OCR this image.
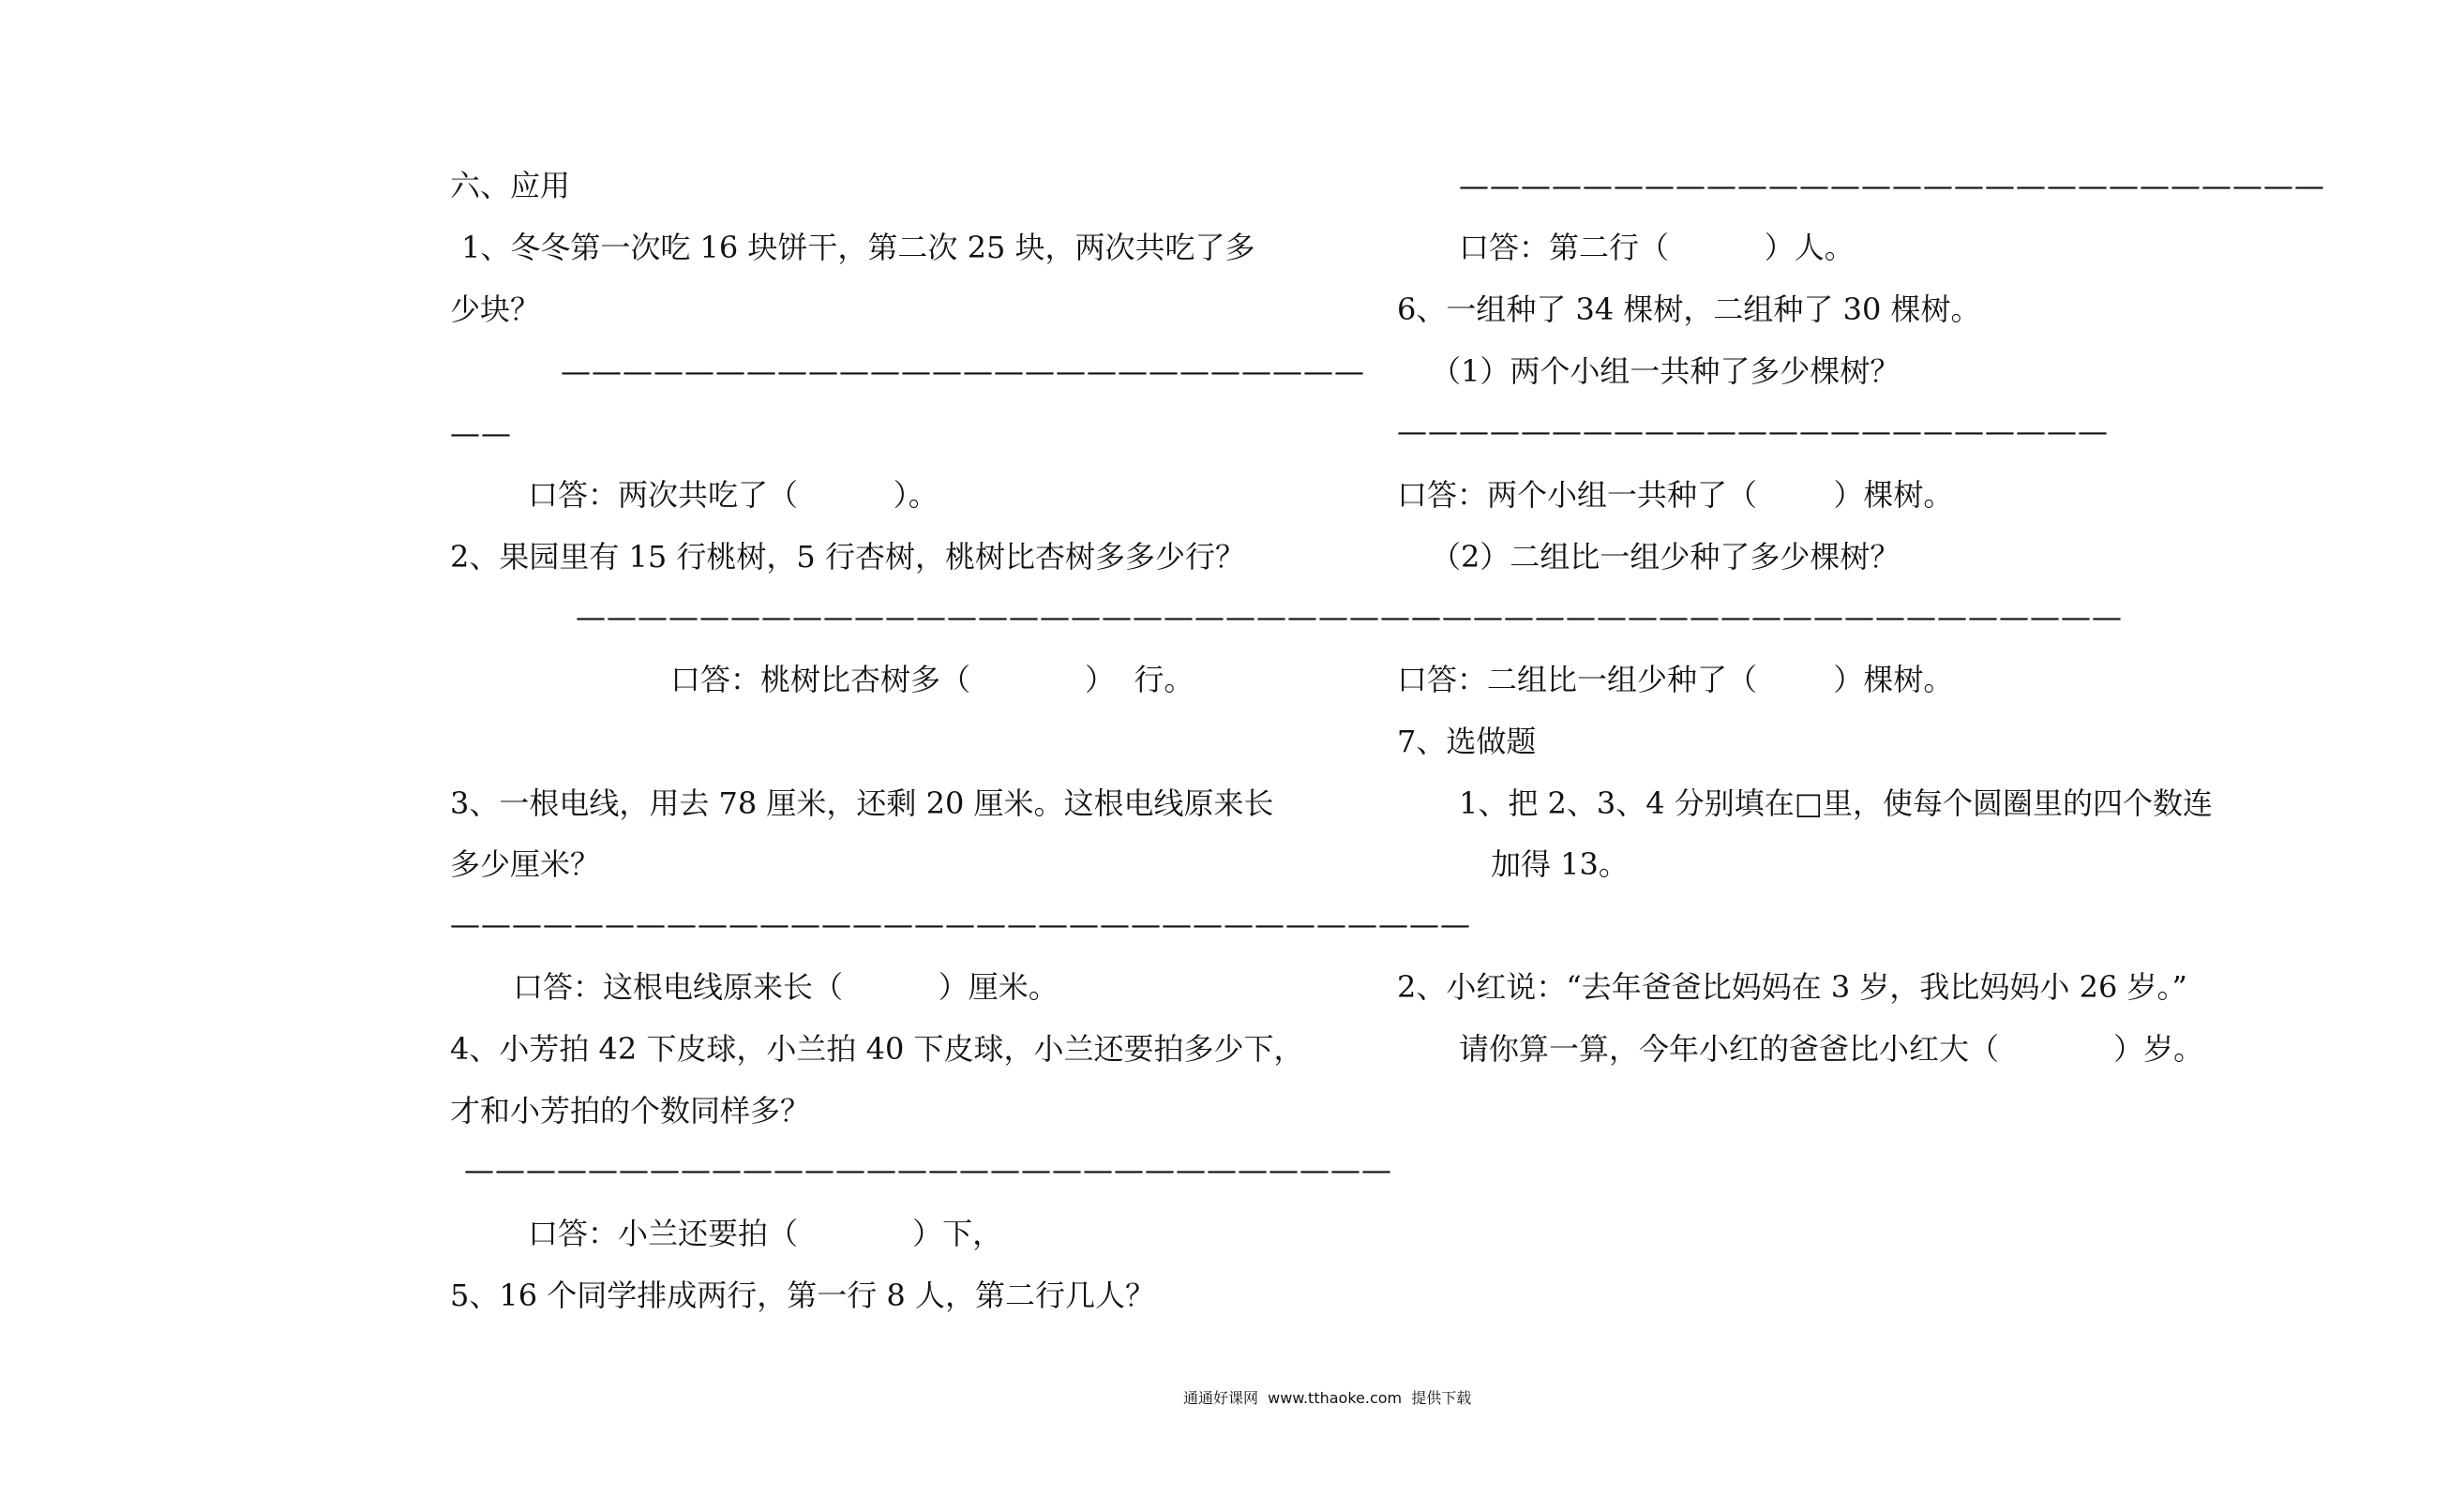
六、应用
1、冬冬第一次吃 16 块饼干，第二次 25 块，两次共吃了多
少块？
——————————————————————————
——
口答：两次共吃了（          ）。
2、果园里有 15 行桃树，5 行杏树，桃树比杏树多多少行？
————————————————————————————
口答：桃树比杏树多（            ）  行。
3、一根电线，用去 78 厘米，还剩 20 厘米。这根电线原来长
多少厘米？
—————————————————————————————————
口答：这根电线原来长（          ）厘米。
4、小芳拍 42 下皮球，小兰拍 40 下皮球，小兰还要拍多少下，
才和小芳拍的个数同样多？
——————————————————————————————
口答：小兰还要拍（            ）下，
5、16 个同学排成两行，第一行 8 人，第二行几人？
————————————————————————————
口答：第二行（          ）人。
6、一组种了 34 棵树，二组种了 30 棵树。
（1）两个小组一共种了多少棵树？
———————————————————————
口答：两个小组一共种了（        ）棵树。
（2）二组比一组少种了多少棵树？
———————————————————————
口答：二组比一组少种了（        ）棵树。
7、选做题
1、把 2、3、4 分别填在□里，使每个圆圈里的四个数连
加得 13。
2、小红说：“去年爸爸比妈妈在 3 岁，我比妈妈小 26 岁。”
请你算一算，今年小红的爸爸比小红大（            ）岁。
通通好课网  www.tthaoke.com  提供下载
